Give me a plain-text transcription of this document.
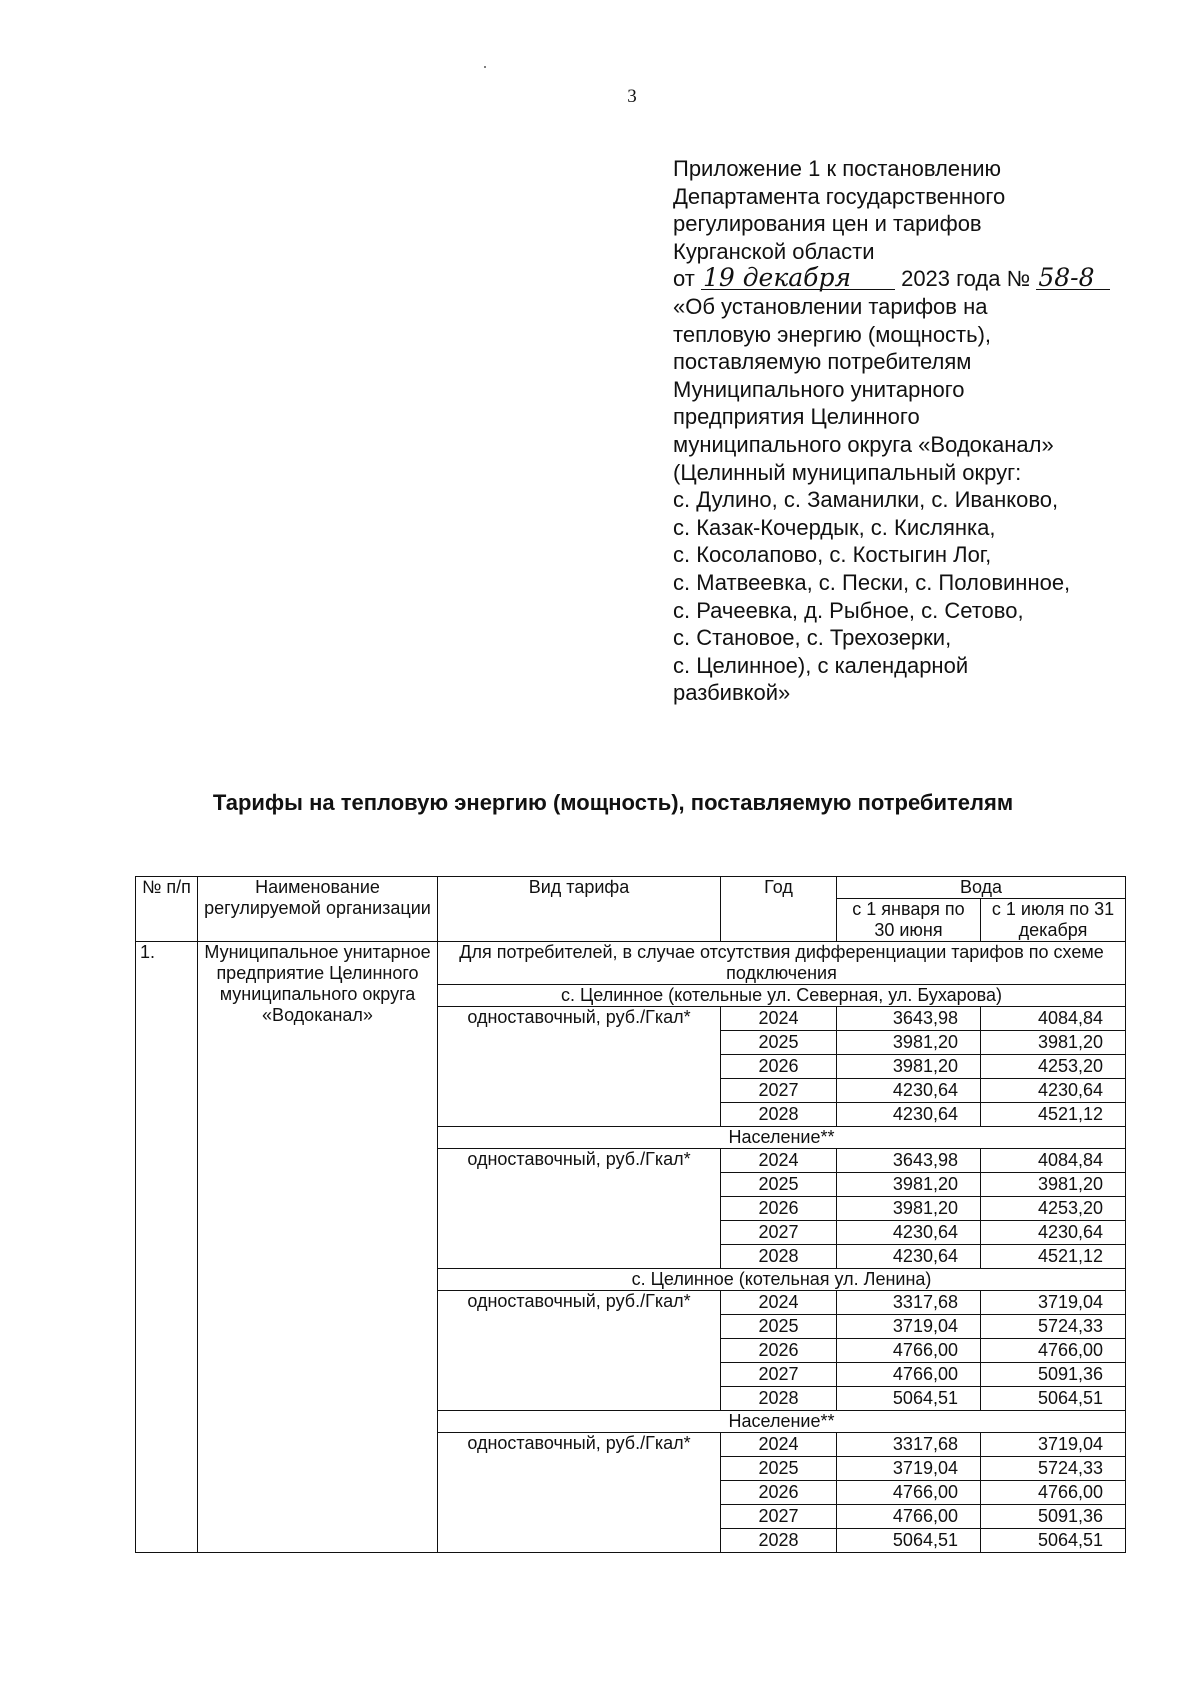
3
Приложение 1 к постановлению
Департамента государственного
регулирования цен и тарифов
Курганской области
от 19 декабря 2023 года № 58-8
«Об установлении тарифов на
тепловую энергию (мощность),
поставляемую потребителям
Муниципального унитарного
предприятия Целинного
муниципального округа «Водоканал»
(Целинный муниципальный округ:
с. Дулино, с. Заманилки, с. Иванково,
с. Казак-Кочердык, с. Кислянка,
с. Косолапово, с. Костыгин Лог,
с. Матвеевка, с. Пески, с. Половинное,
с. Рачеевка, д. Рыбное, с. Сетово,
с. Становое, с. Трехозерки,
с. Целинное), с календарной
разбивкой»
Тарифы на тепловую энергию (мощность), поставляемую потребителям
№ п/п	Наименование регулируемой организации	Вид тарифа	Год	Вода	
				с 1 января по 30 июня	с 1 июля по 31 декабря
1.	Муниципальное унитарное предприятие Целинного муниципального округа «Водоканал»	Для потребителей, в случае отсутствия дифференциации тарифов по схеме подключения			
		с. Целинное (котельные ул. Северная, ул. Бухарова)			
		одноставочный, руб./Гкал*	2024	3643,98	4084,84
			2025	3981,20	3981,20
			2026	3981,20	4253,20
			2027	4230,64	4230,64
			2028	4230,64	4521,12
		Население**			
		одноставочный, руб./Гкал*	2024	3643,98	4084,84
			2025	3981,20	3981,20
			2026	3981,20	4253,20
			2027	4230,64	4230,64
			2028	4230,64	4521,12
		с. Целинное (котельная ул. Ленина)			
		одноставочный, руб./Гкал*	2024	3317,68	3719,04
			2025	3719,04	5724,33
			2026	4766,00	4766,00
			2027	4766,00	5091,36
			2028	5064,51	5064,51
		Население**			
		одноставочный, руб./Гкал*	2024	3317,68	3719,04
			2025	3719,04	5724,33
			2026	4766,00	4766,00
			2027	4766,00	5091,36
			2028	5064,51	5064,51
